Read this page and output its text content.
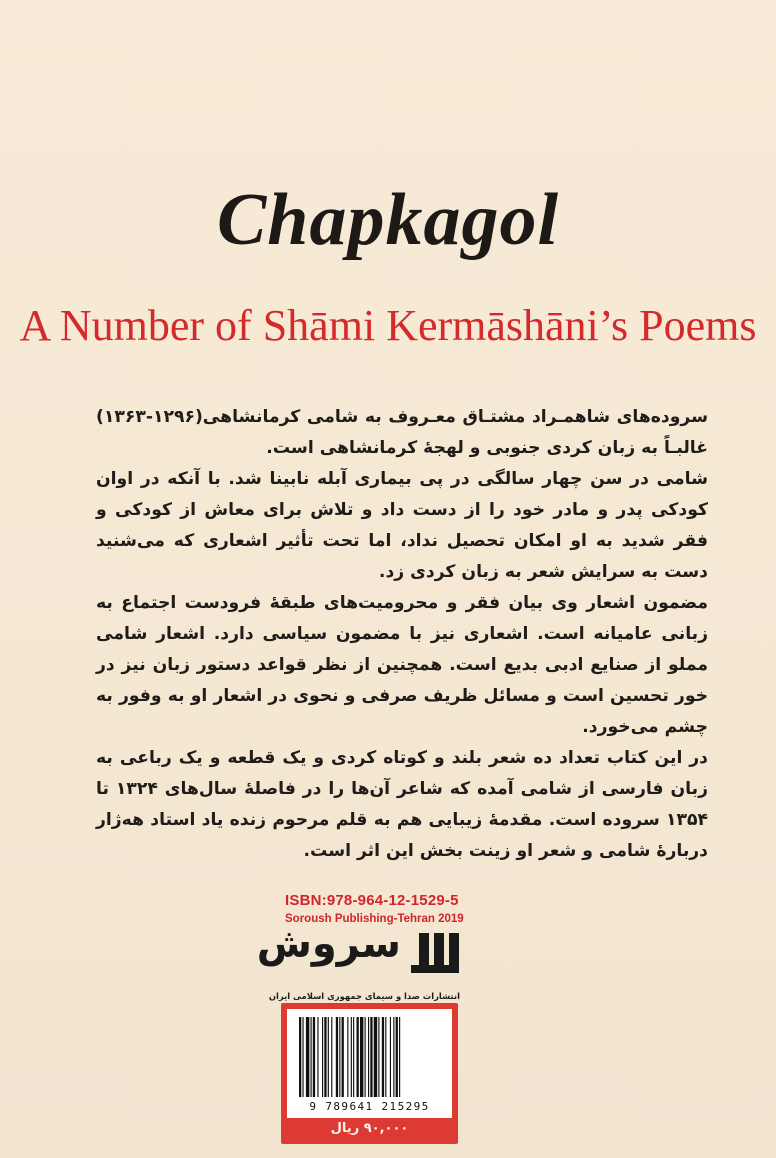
Chapkagol
A Number of Shāmi Kermāshāni’s Poems

سروده‌های شاهمـراد مشتـاق معـروف به شامی کرمانشاهی(۱۲۹۶-۱۳۶۳) غالبـاً به زبان کردی جنوبی و لهجهٔ کرمانشاهی است.

شامی در سن چهار سالگی در پی بیماری آبله نابینا شد. با آنکه در اوان کودکی پدر و مادر خود را از دست داد و تلاش برای معاش از کودکی و فقر شدید به او امکان تحصیل نداد، اما تحت تأثیر اشعاری که می‌شنید دست به سرایش شعر به زبان کردی زد.

مضمون اشعار وی بیان فقر و محرومیت‌های طبقهٔ فرودست اجتماع به زبانی عامیانه است. اشعاری نیز با مضمون سیاسی دارد. اشعار شامی مملو از صنایع ادبی بدیع است. همچنین از نظر قواعد دستور زبان نیز در خور تحسین است و مسائل ظریف صرفی و نحوی در اشعار او به وفور به چشم می‌خورد.

در این کتاب تعداد ده شعر بلند و کوتاه کردی و یک قطعه و یک رباعی به زبان فارسی از شامی آمده که شاعر آن‌ها را در فاصلهٔ سال‌های ۱۳۲۴ تا ۱۳۵۴ سروده است. مقدمهٔ زیبایی هم به قلم مرحوم زنده یاد استاد هه‌ژار دربارهٔ شامی و شعر او زینت بخش این اثر است.

ISBN:978-964-12-1529-5
Soroush Publishing-Tehran 2019
سروش
انتشارات صدا و سیمای جمهوری اسلامی ایران
9 789641 215295
۹۰,۰۰۰ ریال
